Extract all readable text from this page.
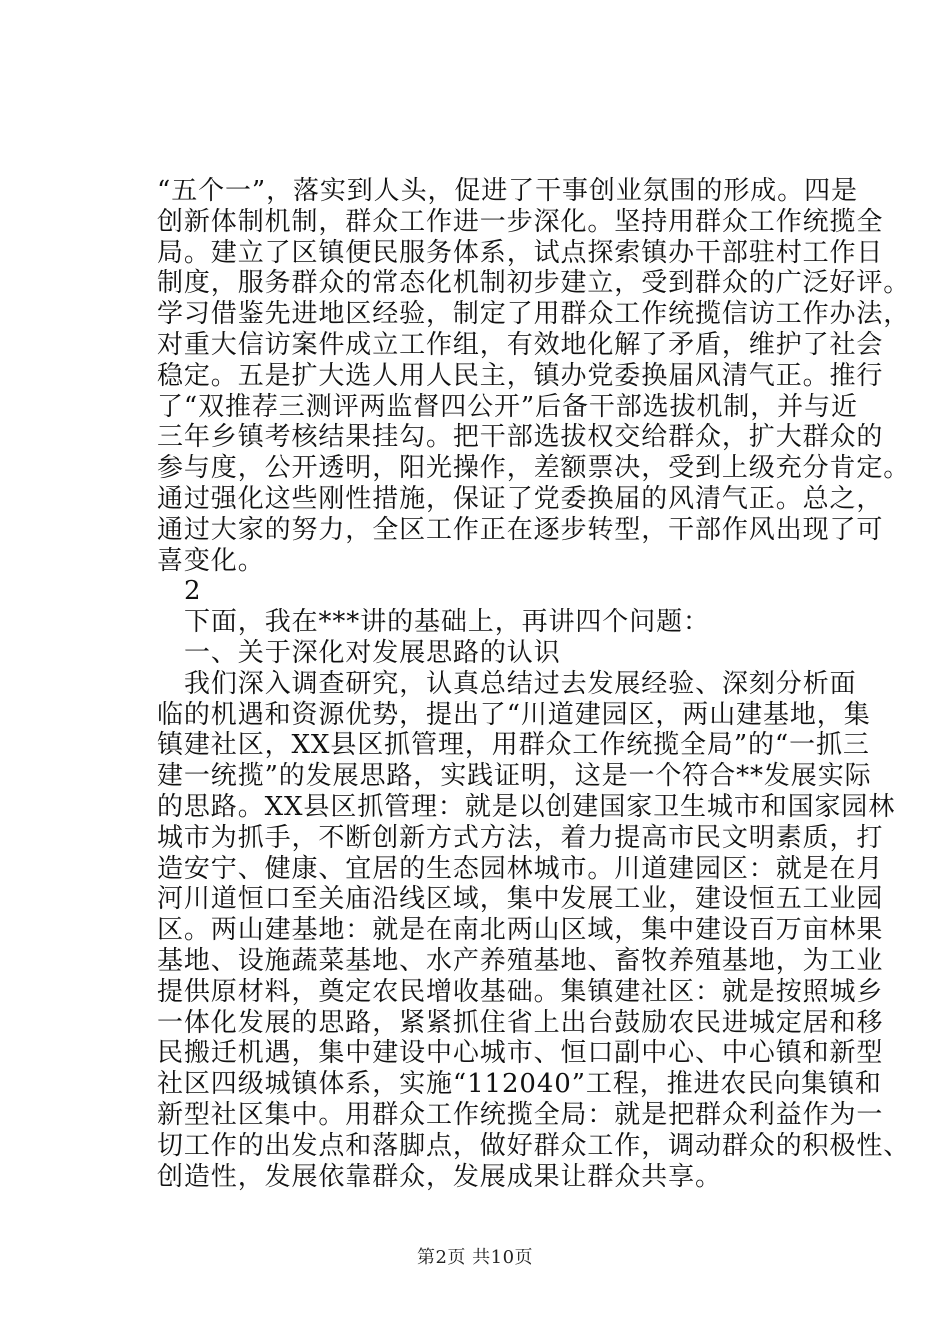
“五个一”，落实到人头，促进了干事创业氛围的形成。四是
创新体制机制，群众工作进一步深化。坚持用群众工作统揽全
局。建立了区镇便民服务体系，试点探索镇办干部驻村工作日
制度，服务群众的常态化机制初步建立，受到群众的广泛好评。
学习借鉴先进地区经验，制定了用群众工作统揽信访工作办法，
对重大信访案件成立工作组，有效地化解了矛盾，维护了社会
稳定。五是扩大选人用人民主，镇办党委换届风清气正。推行
了“双推荐三测评两监督四公开”后备干部选拔机制，并与近
三年乡镇考核结果挂勾。把干部选拔权交给群众，扩大群众的
参与度，公开透明，阳光操作，差额票决，受到上级充分肯定。
通过强化这些刚性措施，保证了党委换届的风清气正。总之，
通过大家的努力，全区工作正在逐步转型，干部作风出现了可
喜变化。
2
下面，我在***讲的基础上，再讲四个问题：
一、关于深化对发展思路的认识
我们深入调查研究，认真总结过去发展经验、深刻分析面
临的机遇和资源优势，提出了“川道建园区，两山建基地，集
镇建社区，XX县区抓管理，用群众工作统揽全局”的“一抓三
建一统揽”的发展思路，实践证明，这是一个符合**发展实际
的思路。XX县区抓管理：就是以创建国家卫生城市和国家园林
城市为抓手，不断创新方式方法，着力提高市民文明素质，打
造安宁、健康、宜居的生态园林城市。川道建园区：就是在月
河川道恒口至关庙沿线区域，集中发展工业，建设恒五工业园
区。两山建基地：就是在南北两山区域，集中建设百万亩林果
基地、设施蔬菜基地、水产养殖基地、畜牧养殖基地，为工业
提供原材料，奠定农民增收基础。集镇建社区：就是按照城乡
一体化发展的思路，紧紧抓住省上出台鼓励农民进城定居和移
民搬迁机遇，集中建设中心城市、恒口副中心、中心镇和新型
社区四级城镇体系，实施“112040”工程，推进农民向集镇和
新型社区集中。用群众工作统揽全局：就是把群众利益作为一
切工作的出发点和落脚点，做好群众工作，调动群众的积极性、
创造性，发展依靠群众，发展成果让群众共享。
第2页 共10页
